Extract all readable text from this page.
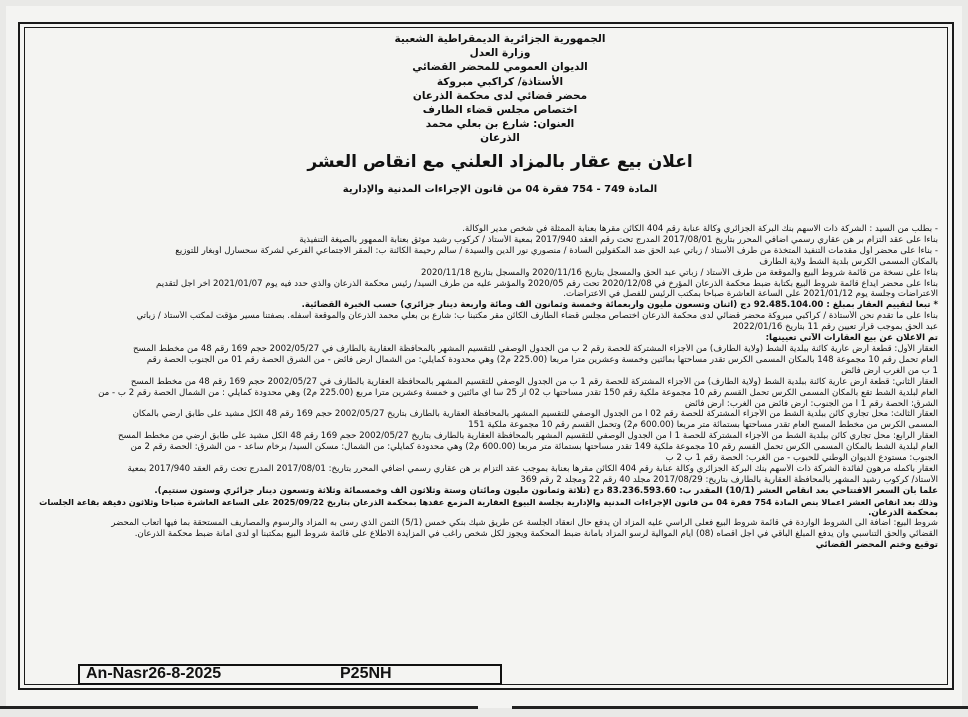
الجمهورية الجزائرية الديمقراطية الشعبية
وزارة العدل
الديوان العمومي للمحضر القضائي
الأستاذة/ كراكبي مبروكة
محضر قضائي لدى محكمة الذرعان
اختصاص مجلس قضاء الطارف
العنوان: شارع بن بعلي محمد
الذرعان
اعلان بيع عقار بالمزاد العلني مع انقاص العشر
المادة 749 - 754 فقرة 04 من قانون الإجراءات المدنية والإدارية

- بطلب من السيد : الشركة ذات الاسهم بنك البركة الجزائري وكالة عنابة رقم 404 الكائن مقرها بعنابة الممثلة في شخص مدير الوكالة.

بناءا على عقد التزام بر هن عقاري رسمي اضافي المحرر بتاريخ 2017/08/01 المدرج تحت رقم العقد 2017/940 بمعية الأستاذ / كركوب رشيد موثق بعنابة الممهور بالصيغة التنفيذية

- بناءا على محضر أول مقدمات التنفيذ المتخذة من طرف الأستاذ / زباتي عبد الحق ضد المكفولين السادة / منصوري نور الدين والسيدة / سالم رحيمة الكائنة ب: المقر الاجتماعي الفرعي لشركة سحسارل أوبغار للتوزيع

بالمكان المسمى الكرس بلدية الشط ولاية الطارف

بناءا على نسخة من قائمة شروط البيع والموقعة من طرف الأستاذ / زباتي عبد الحق والمسجل بتاريخ 2020/11/16 والمسجل بتاريخ 2020/11/18

بناءا على محضر ايداع قائمة شروط البيع بكتابة ضبط محكمة الذرعان المؤرخ في 2020/12/08 تحت رقم 2020/05 والمؤشر عليه من طرف السيد/ رئيس محكمة الذرعان والذي حدد فيه يوم 2021/01/07 أخر اجل لتقديم

الاعتراضات وجلسة يوم 2021/01/12 على الساعة العاشرة صباحا بمكتب الرئيس للفصل في الاعتراضات.

* تبعا لتقييم العقار بمبلغ : 92.485.104.00 دج (اثنان وتسعون مليون وأربعمائة وخمسة وثمانون ألف ومائة وأربعة دينار جزائري) حسب الخبرة القضائية.

بناءا على ما تقدم نحن الأستاذة / كراكبي مبروكة محضر قضائي لدى محكمة الذرعان اختصاص مجلس قضاء الطارف الكائن مقر مكتبنا ب: شارع بن بعلي محمد الذرعان والموقعة أسفله. بصفتنا مسير مؤقت لمكتب الأستاذ / زباتي

عبد الحق بموجب قرار تعيين رقم 11 بتاريخ 2022/01/16

تم الاعلان عن بيع العقارات الآتي تعيينها:

العقار الأول: قطعة أرض عارية كائنة ببلدية الشط (ولاية الطارف) من الأجزاء المشتركة للحصة رقم 2 ب من الجدول الوصفي للتقسيم المشهر بالمحافظة العقارية بالطارف في 2002/05/27 حجم 169 رقم 48 من مخطط المسح

العام تحمل رقم 10 مجموعة 148 بالمكان المسمى الكرس تقدر مساحتها بمائتين وخمسة وعشرين مترا مربعا (225.00 م2) وهي محدودة كمايلي: من الشمال أرض فائض - من الشرق الحصة رقم 01 من الجنوب الحصة رقم

1 ب من الغرب أرض فائض

العقار الثاني: قطعة أرض عارية كائنة ببلدية الشط (ولاية الطارف) من الأجزاء المشتركة للحصة رقم 1 ب من الجدول الوصفي للتقسيم المشهر بالمحافظة العقارية بالطارف في 2002/05/27 حجم 169 رقم 48 من مخطط المسح

العام لبلدية الشط تقع بالمكان المسمى الكرس تحمل القسم رقم 10 مجموعة ملكية رقم 150 تقدر مساحتها ب 02 آر 25 سا أي مائتين و خمسة وعشرين مترا مربع (225.00 م2) وهي محدودة كمايلي : من الشمال الحصة رقم 2 ب - من

الشرق: الحصة رقم 1 أ من الجنوب: أرض فائض من الغرب: أرض فائض

العقار الثالث: محل تجاري كائن ببلدية الشط من الأجزاء المشتركة للحصة رقم 02 أ من الجدول الوصفي للتقسيم المشهر بالمحافظة العقارية بالطارف بتاريخ 2002/05/27 حجم 169 رقم 48 الكل مشيد على طابق أرضي بالمكان

المسمى الكرس من مخطط المسح العام تقدر مساحتها بستمائة متر مربعا (600.00 م2) وتحمل القسم رقم 10 مجموعة ملكية 151

العقار الرابع: محل تجاري كائن ببلدية الشط من الأجزاء المشتركة للحصة 1 أ من الجدول الوصفي للتقسيم المشهر بالمحافظة العقارية بالطارف بتاريخ 2002/05/27 حجم 169 رقم 48 الكل مشيد على طابق أرضي من مخطط المسح

العام لبلدية الشط بالمكان المسمى الكرس تحمل القسم رقم 10 مجموعة ملكية 149 تقدر مساحتها بستمائة متر مربعا (600.00 م2) وهي محدودة كمايلي: من الشمال: مسكن السيد/ برخام ساعد - من الشرق: الحصة رقم 2 من

الجنوب: مستودع الديوان الوطني للحبوب - من الغرب: الحصة رقم 1 ب 2 ب

العقار بأكمله مرهون لفائدة الشركة ذات الأسهم بنك البركة الجزائري وكالة عنابة رقم 404 الكائن مقرها بعنابة بموجب عقد التزام بر هن عقاري رسمي اضافي المحرر بتاريخ: 2017/08/01 المدرج تحت رقم العقد 2017/940 بمعية

الأستاذ/ كركوب رشيد المشهر بالمحافظة العقارية بالطارف بتاريخ: 2017/08/29 مجلد 40 رقم 22 ومجلد 2 رقم 369

علما بأن السعر الافتتاحي بعد انقاص العشر (10/1) المقدر ب: 83.236.593.60 دج (ثلاثة وثمانون مليون ومائتان وستة وثلاثون ألف وخمسمائة وثلاثة وتسعون دينار جزائري وستون سنتيم).

وذلك بعد انقاص العشر اعمالا بنص المادة 754 فقرة 04 من قانون الإجراءات المدنية والإدارية بجلسة البيوع العقارية المزمع عقدها بمحكمة الذرعان بتاريخ 2025/09/22 على الساعة العاشرة صباحا وثلاثون دقيقة بقاعة الجلسات

بمحكمة الذرعان.

شروط البيع: اضافة الى الشروط الواردة في قائمة شروط البيع فعلى الراسي عليه المزاد أن يدفع حال انعقاد الجلسة عن طريق شيك بنكي خمس (5/1) الثمن الذي رسى به المزاد والرسوم والمصاريف المستحقة بما فيها أتعاب المحضر

القضائي والحق التناسبي وان يدفع المبلغ الباقي في أجل أقصاه (08) أيام الموالية لرسو المزاد بأمانة ضبط المحكمة ويجوز لكل شخص راغب في المزايدة الاطلاع على قائمة شروط البيع بمكتبنا أو لدى أمانة ضبط محكمة الذرعان.

توقيع وختم المحضر القضائي

An-Nasr26-8-2025	P25NH
